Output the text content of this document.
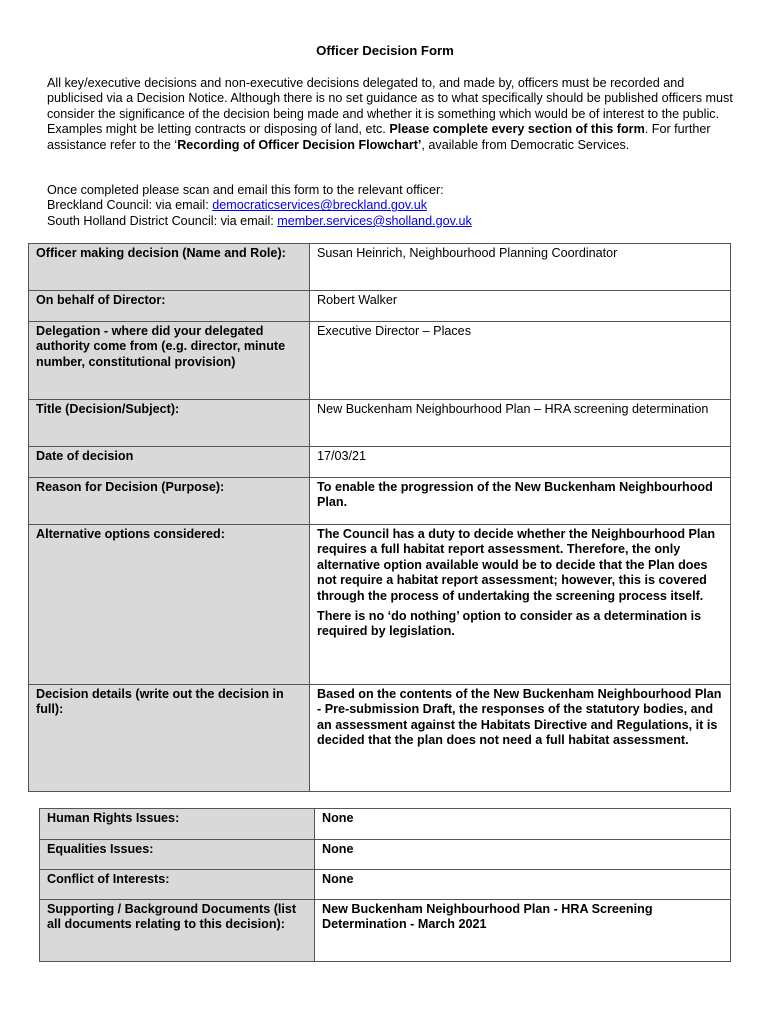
Officer Decision Form
All key/executive decisions and non-executive decisions delegated to, and made by, officers must be recorded and publicised via a Decision Notice. Although there is no set guidance as to what specifically should be published officers must consider the significance of the decision being made and whether it is something which would be of interest to the public. Examples might be letting contracts or disposing of land, etc. Please complete every section of this form. For further assistance refer to the ‘Recording of Officer Decision Flowchart’, available from Democratic Services.
Once completed please scan and email this form to the relevant officer:
Breckland Council: via email: democraticservices@breckland.gov.uk
South Holland District Council: via email: member.services@sholland.gov.uk
Officer making decision (Name and Role):	Susan Heinrich, Neighbourhood Planning Coordinator
On behalf of Director:	Robert Walker
Delegation - where did your delegated authority come from (e.g. director, minute number, constitutional provision)	Executive Director – Places
Title (Decision/Subject):	New Buckenham Neighbourhood Plan – HRA screening determination
Date of decision	17/03/21
Reason for Decision (Purpose):	To enable the progression of the New Buckenham Neighbourhood Plan.
Alternative options considered:	The Council has a duty to decide whether the Neighbourhood Plan requires a full habitat report assessment. Therefore, the only alternative option available would be to decide that the Plan does not require a habitat report assessment; however, this is covered through the process of undertaking the screening process itself.
There is no ‘do nothing’ option to consider as a determination is required by legislation.

Decision details (write out the decision in full):	Based on the contents of the New Buckenham Neighbourhood Plan - Pre-submission Draft, the responses of the statutory bodies, and an assessment against the Habitats Directive and Regulations, it is decided that the plan does not need a full habitat assessment.
Human Rights Issues:	None
Equalities Issues:	None
Conflict of Interests:	None
Supporting / Background Documents (list all documents relating to this decision):	New Buckenham Neighbourhood Plan - HRA Screening Determination - March 2021
